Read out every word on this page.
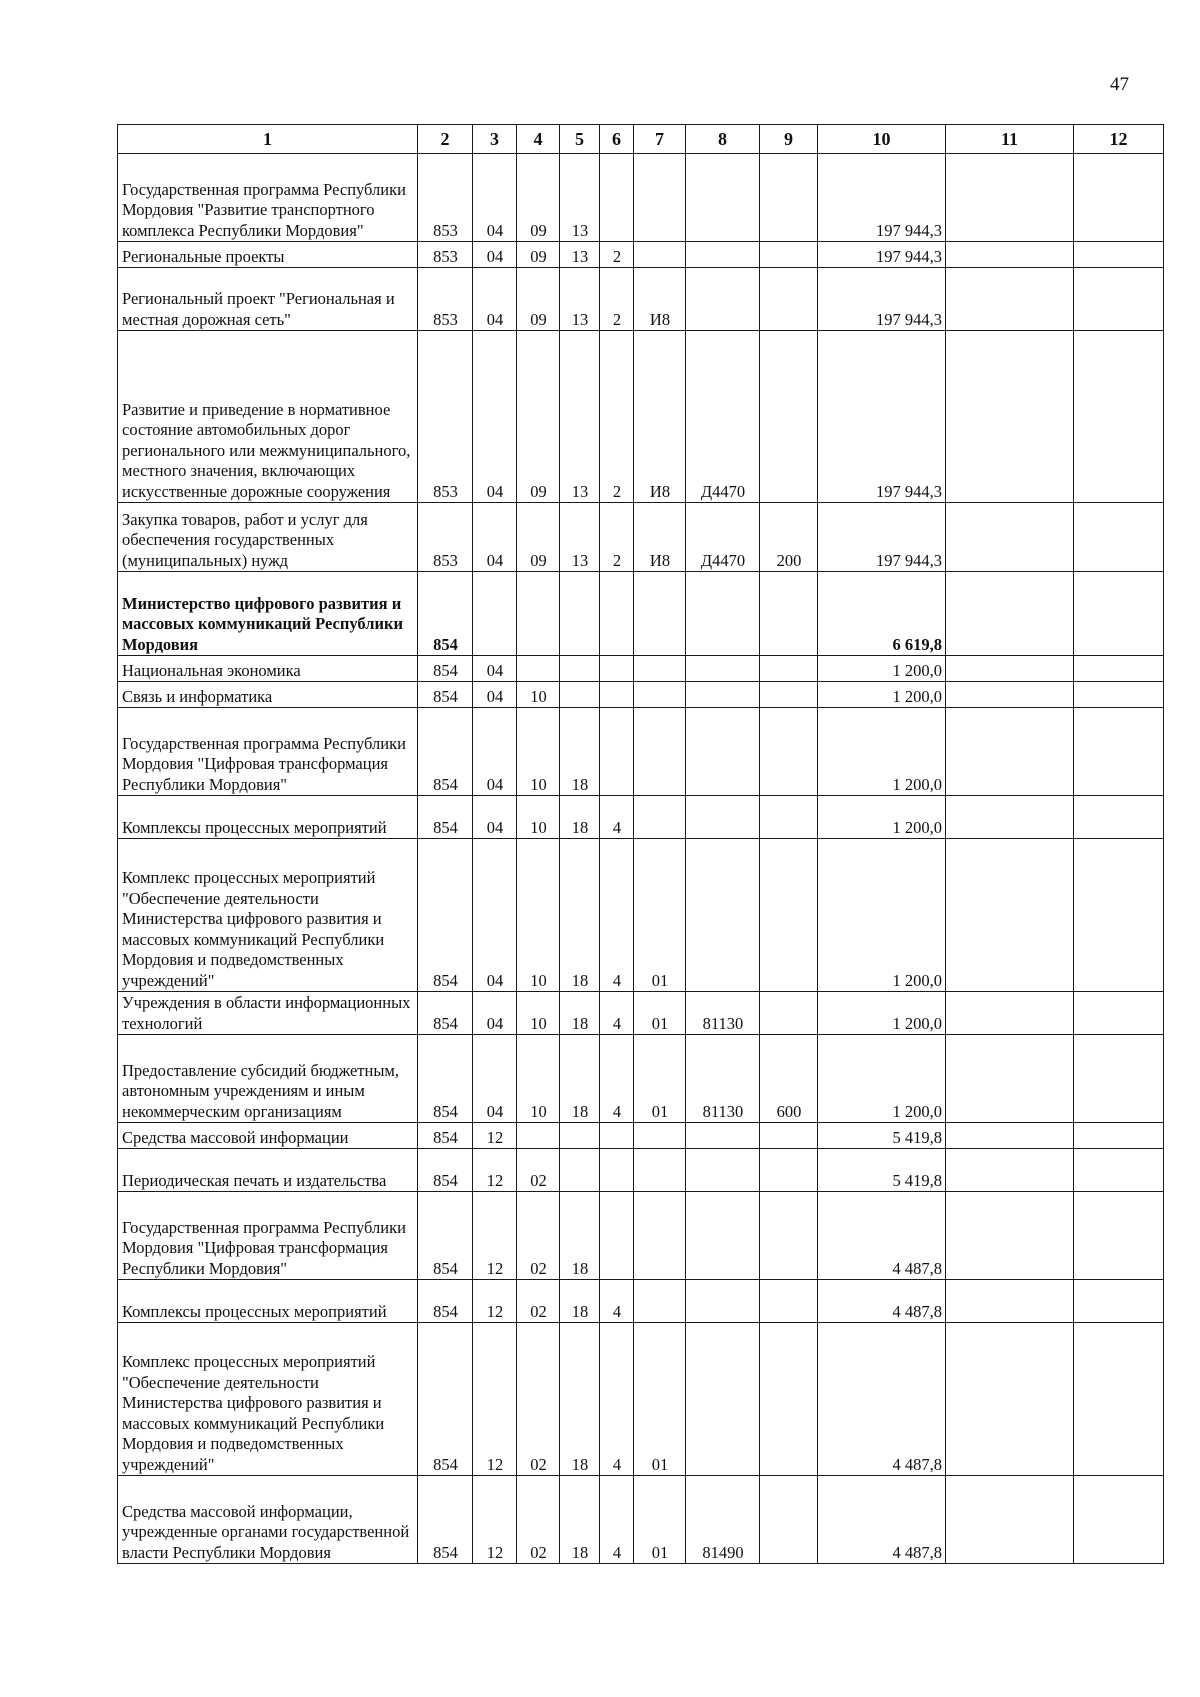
47
1	2	3	4	5	6	7	8	9	10	11	12
Государственная программа Республики Мордовия "Развитие транспортного комплекса Республики Мордовия"	853	04	09	13					197 944,3		
Региональные проекты	853	04	09	13	2				197 944,3		
Региональный проект "Региональная и местная дорожная сеть"	853	04	09	13	2	И8			197 944,3		
Развитие и приведение в нормативное состояние автомобильных дорог регионального или межмуниципального, местного значения, включающих искусственные дорожные сооружения	853	04	09	13	2	И8	Д4470		197 944,3		
Закупка товаров, работ и услуг для обеспечения государственных (муниципальных) нужд	853	04	09	13	2	И8	Д4470	200	197 944,3		
Министерство цифрового развития и массовых коммуникаций Республики Мордовия	854								6 619,8		
Национальная экономика	854	04							1 200,0		
Связь и информатика	854	04	10						1 200,0		
Государственная программа Республики Мордовия "Цифровая трансформация Республики Мордовия"	854	04	10	18					1 200,0		
Комплексы процессных мероприятий	854	04	10	18	4				1 200,0		
Комплекс процессных мероприятий "Обеспечение деятельности Министерства цифрового развития и массовых коммуникаций Республики Мордовия и подведомственных учреждений"	854	04	10	18	4	01			1 200,0		
Учреждения в области информационных технологий	854	04	10	18	4	01	81130		1 200,0		
Предоставление субсидий бюджетным, автономным учреждениям и иным некоммерческим организациям	854	04	10	18	4	01	81130	600	1 200,0		
Средства массовой информации	854	12							5 419,8		
Периодическая печать и издательства	854	12	02						5 419,8		
Государственная программа Республики Мордовия "Цифровая трансформация Республики Мордовия"	854	12	02	18					4 487,8		
Комплексы процессных мероприятий	854	12	02	18	4				4 487,8		
Комплекс процессных мероприятий "Обеспечение деятельности Министерства цифрового развития и массовых коммуникаций Республики Мордовия и подведомственных учреждений"	854	12	02	18	4	01			4 487,8		
Средства массовой информации, учрежденные органами государственной власти Республики Мордовия	854	12	02	18	4	01	81490		4 487,8		
